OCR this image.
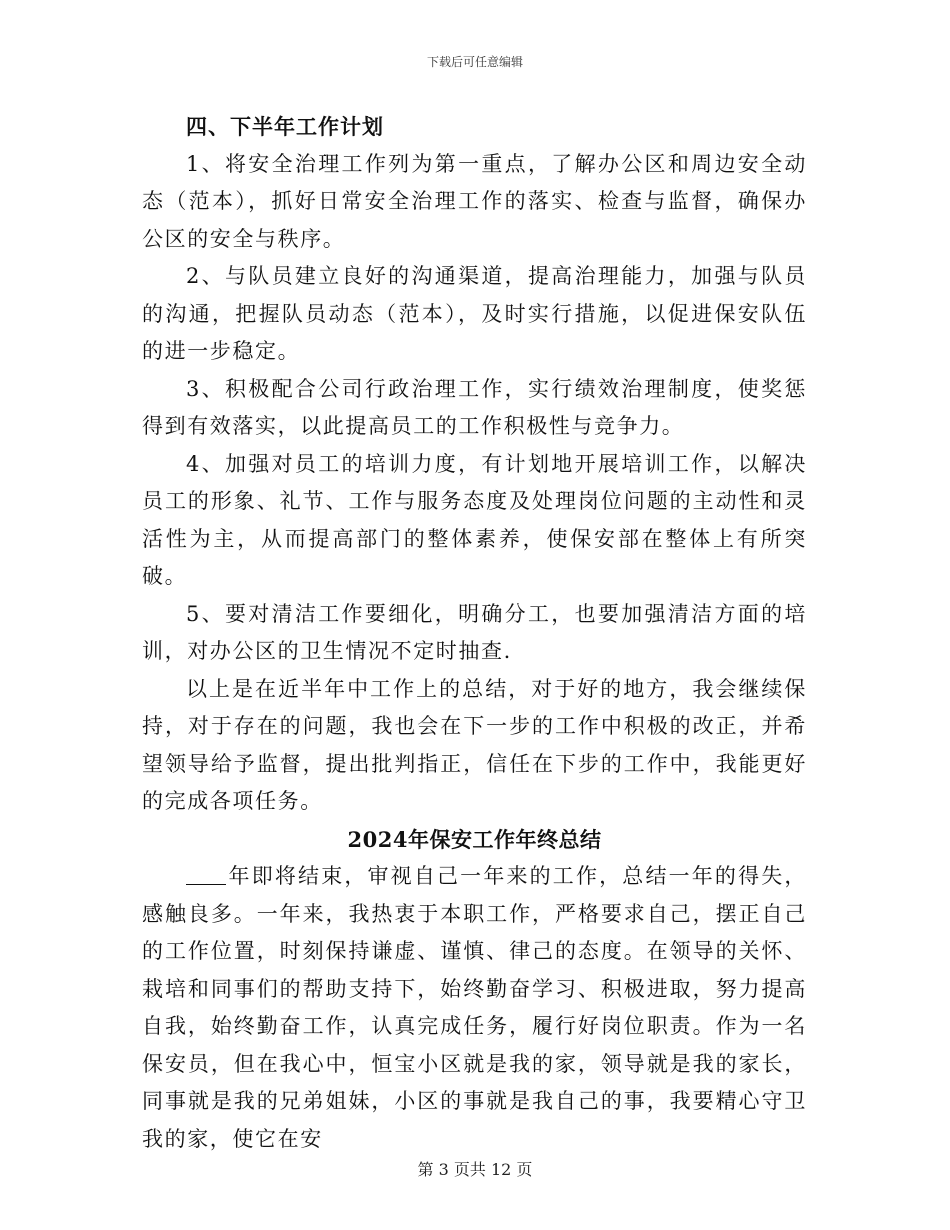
下载后可任意编辑

四、下半年工作计划

1、将安全治理工作列为第一重点，了解办公区和周边安全动态（范本），抓好日常安全治理工作的落实、检查与监督，确保办公区的安全与秩序。

2、与队员建立良好的沟通渠道，提高治理能力，加强与队员的沟通，把握队员动态（范本），及时实行措施，以促进保安队伍的进一步稳定。

3、积极配合公司行政治理工作，实行绩效治理制度，使奖惩得到有效落实，以此提高员工的工作积极性与竞争力。

4、加强对员工的培训力度，有计划地开展培训工作，以解决员工的形象、礼节、工作与服务态度及处理岗位问题的主动性和灵活性为主，从而提高部门的整体素养，使保安部在整体上有所突破。

5、要对清洁工作要细化，明确分工，也要加强清洁方面的培训，对办公区的卫生情况不定时抽查.

以上是在近半年中工作上的总结，对于好的地方，我会继续保持，对于存在的问题，我也会在下一步的工作中积极的改正，并希望领导给予监督，提出批判指正，信任在下步的工作中，我能更好的完成各项任务。

2024年保安工作年终总结

年即将结束，审视自己一年来的工作，总结一年的得失，感触良多。一年来，我热衷于本职工作，严格要求自己，摆正自己的工作位置，时刻保持谦虚、谨慎、律己的态度。在领导的关怀、栽培和同事们的帮助支持下，始终勤奋学习、积极进取，努力提高自我，始终勤奋工作，认真完成任务，履行好岗位职责。作为一名保安员，但在我心中，恒宝小区就是我的家，领导就是我的家长，同事就是我的兄弟姐妹，小区的事就是我自己的事，我要精心守卫我的家，使它在安

第 3 页共 12 页
